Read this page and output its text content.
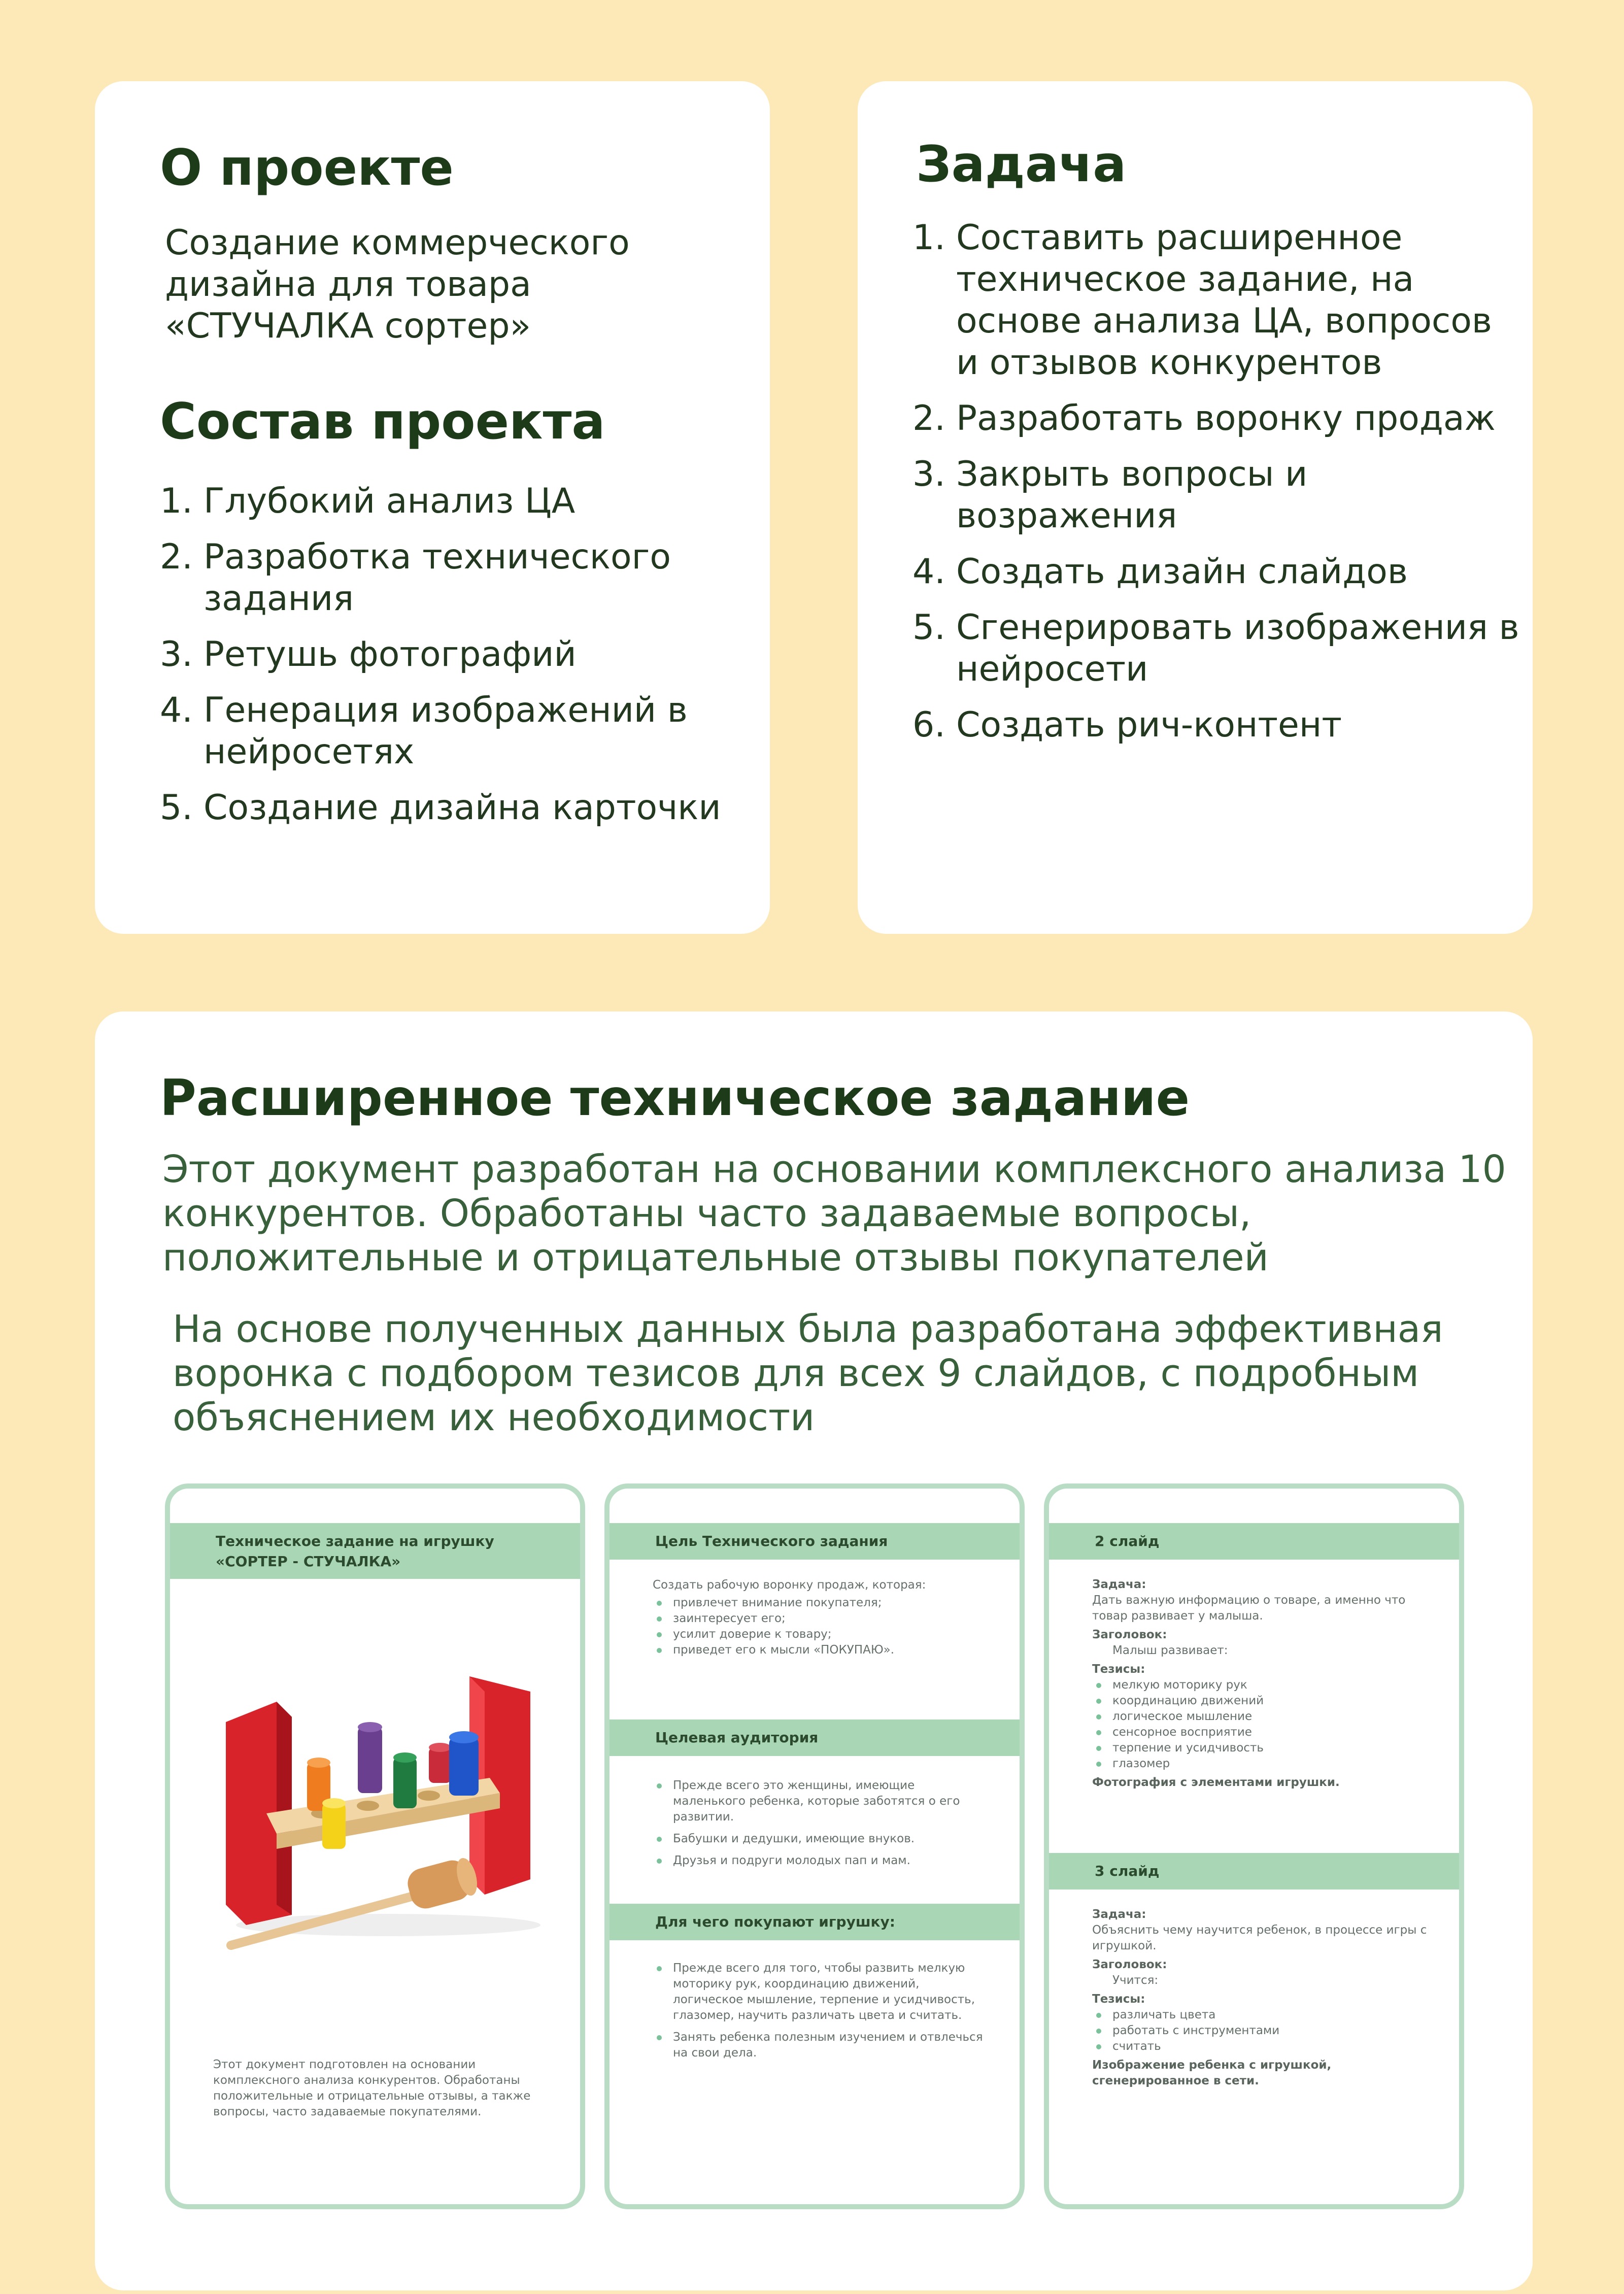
О проекте
Создание коммерческого дизайна для товара «СТУЧАЛКА сортер»
Состав проекта
1. Глубокий анализ ЦА
2. Разработка технического задания
3. Ретушь фотографий
4. Генерация изображений в нейросетях
5. Создание дизайна карточки
Задача
1. Составить расширенное техническое задание, на основе анализа ЦА, вопросов и отзывов конкурентов
2. Разработать воронку продаж
3. Закрыть вопросы и возражения
4. Создать дизайн слайдов
5. Сгенерировать изображения в нейросети
6. Создать рич-контент
Расширенное техническое задание
Этот документ разработан на основании комплексного анализа 10 конкурентов. Обработаны часто задаваемые вопросы, положительные и отрицательные отзывы покупателей
На основе полученных данных была разработана эффективная воронка с подбором тезисов для всех 9 слайдов, с подробным объяснением их необходимости
Техническое задание на игрушку «СОРТЕР - СТУЧАЛКА»
Этот документ подготовлен на основании комплексного анализа конкурентов. Обработаны положительные и отрицательные отзывы, а также вопросы, часто задаваемые покупателями.
Цель Технического задания

Создать рабочую воронку продаж, которая:

привлечет внимание покупателя;
заинтересует его;
усилит доверие к товару;
приведет его к мысли «ПОКУПАЮ».
Целевая аудитория
Прежде всего это женщины, имеющие маленького ребенка, которые заботятся о его развитии.
Бабушки и дедушки, имеющие внуков.
Друзья и подруги молодых пап и мам.
Для чего покупают игрушку:
Прежде всего для того, чтобы развить мелкую моторику рук, координацию движений, логическое мышление, терпение и усидчивость, глазомер, научить различать цвета и считать.
Занять ребенка полезным изучением и отвлечься на свои дела.
2 слайд
Задача:

Дать важную информацию о товаре, а именно что товар развивает у малыша.

Заголовок:

Малыш развивает:

Тезисы:
мелкую моторику рук
координацию движений
логическое мышление
сенсорное восприятие
терпение и усидчивость
глазомер
Фотография с элементами игрушки.
3 слайд
Задача:

Объяснить чему научится ребенок, в процессе игры с игрушкой.

Заголовок:

Учится:

Тезисы:
различать цвета
работать с инструментами
считать
Изображение ребенка с игрушкой, сгенерированное в сети.
